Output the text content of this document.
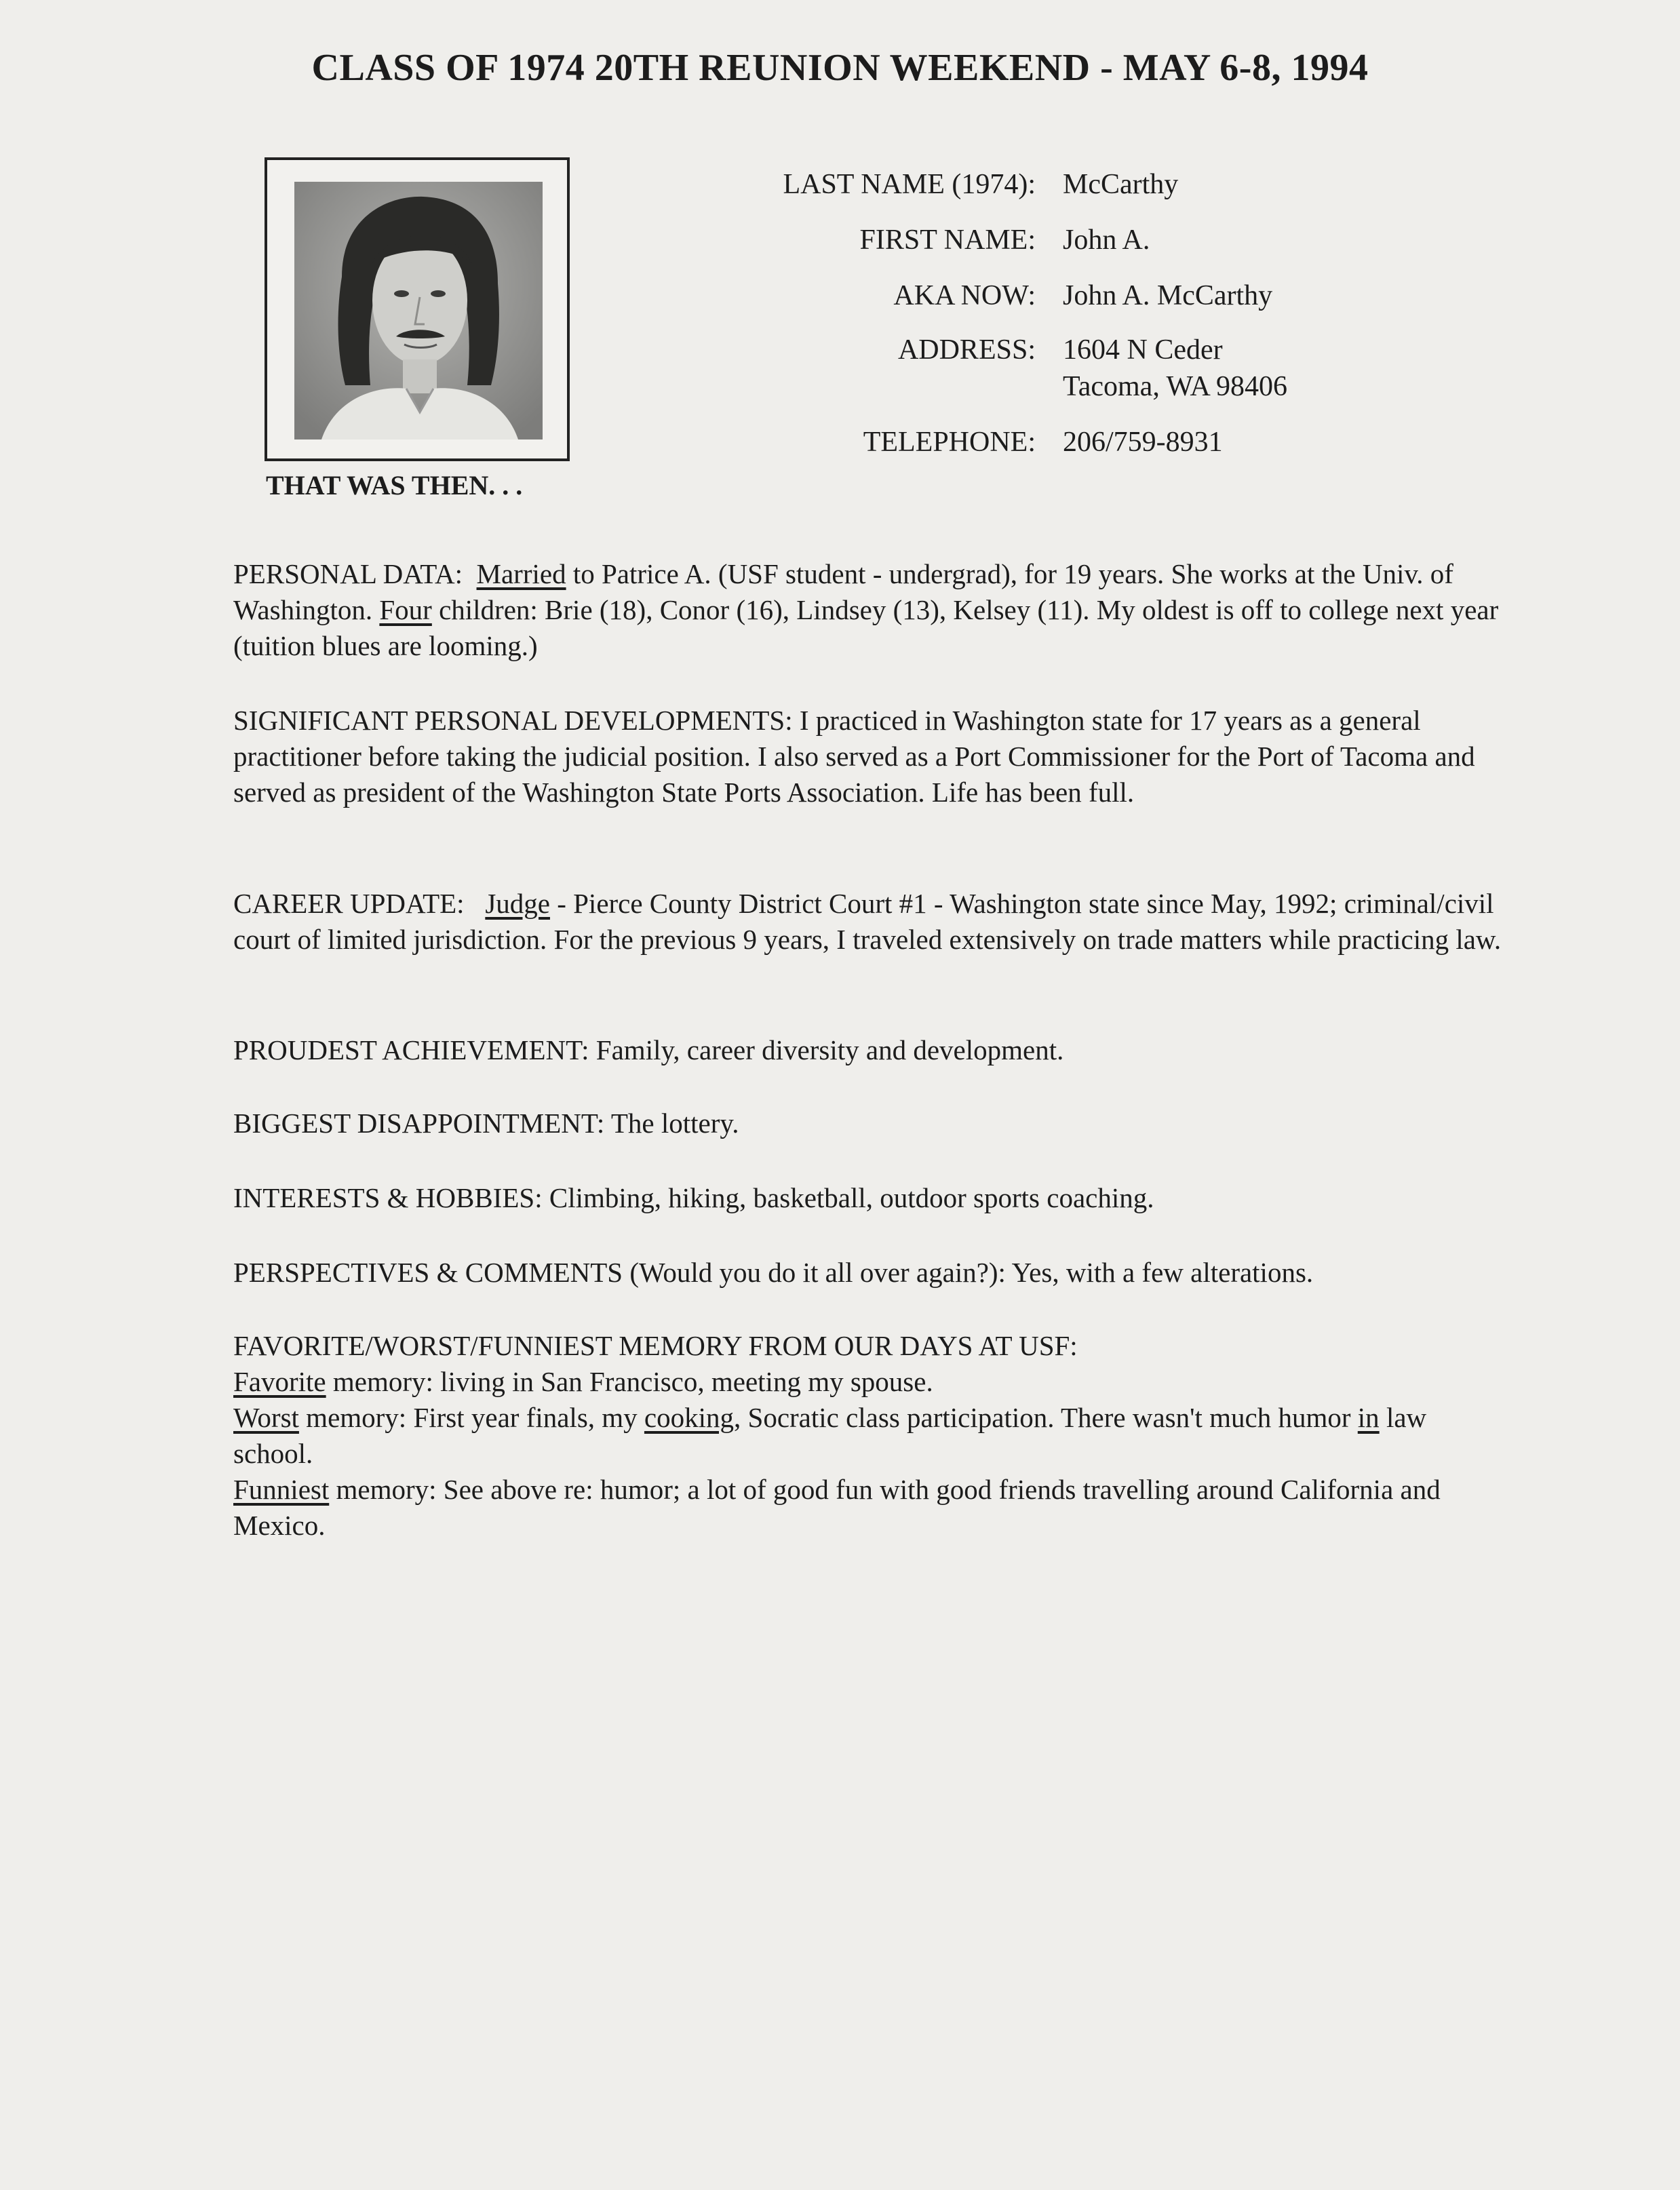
CLASS OF 1974 20TH REUNION WEEKEND - MAY 6-8, 1994
THAT WAS THEN. . .
LAST NAME (1974): McCarthy
FIRST NAME: John A.
AKA NOW: John A. McCarthy
ADDRESS: 1604 N Ceder
Tacoma, WA 98406
TELEPHONE: 206/759-8931

PERSONAL DATA: Married to Patrice A. (USF student - undergrad), for 19 years. She works at the Univ. of Washington. Four children: Brie (18), Conor (16), Lindsey (13), Kelsey (11). My oldest is off to college next year (tuition blues are looming.)

SIGNIFICANT PERSONAL DEVELOPMENTS: I practiced in Washington state for 17 years as a general practitioner before taking the judicial position. I also served as a Port Commissioner for the Port of Tacoma and served as president of the Washington State Ports Association. Life has been full.

CAREER UPDATE: Judge - Pierce County District Court #1 - Washington state since May, 1992; criminal/civil court of limited jurisdiction. For the previous 9 years, I traveled extensively on trade matters while practicing law.

PROUDEST ACHIEVEMENT: Family, career diversity and development.

BIGGEST DISAPPOINTMENT: The lottery.

INTERESTS & HOBBIES: Climbing, hiking, basketball, outdoor sports coaching.

PERSPECTIVES & COMMENTS (Would you do it all over again?): Yes, with a few alterations.

FAVORITE/WORST/FUNNIEST MEMORY FROM OUR DAYS AT USF:

Favorite memory: living in San Francisco, meeting my spouse.

Worst memory: First year finals, my cooking, Socratic class participation. There wasn't much humor in law school.

Funniest memory: See above re: humor; a lot of good fun with good friends travelling around California and Mexico.
